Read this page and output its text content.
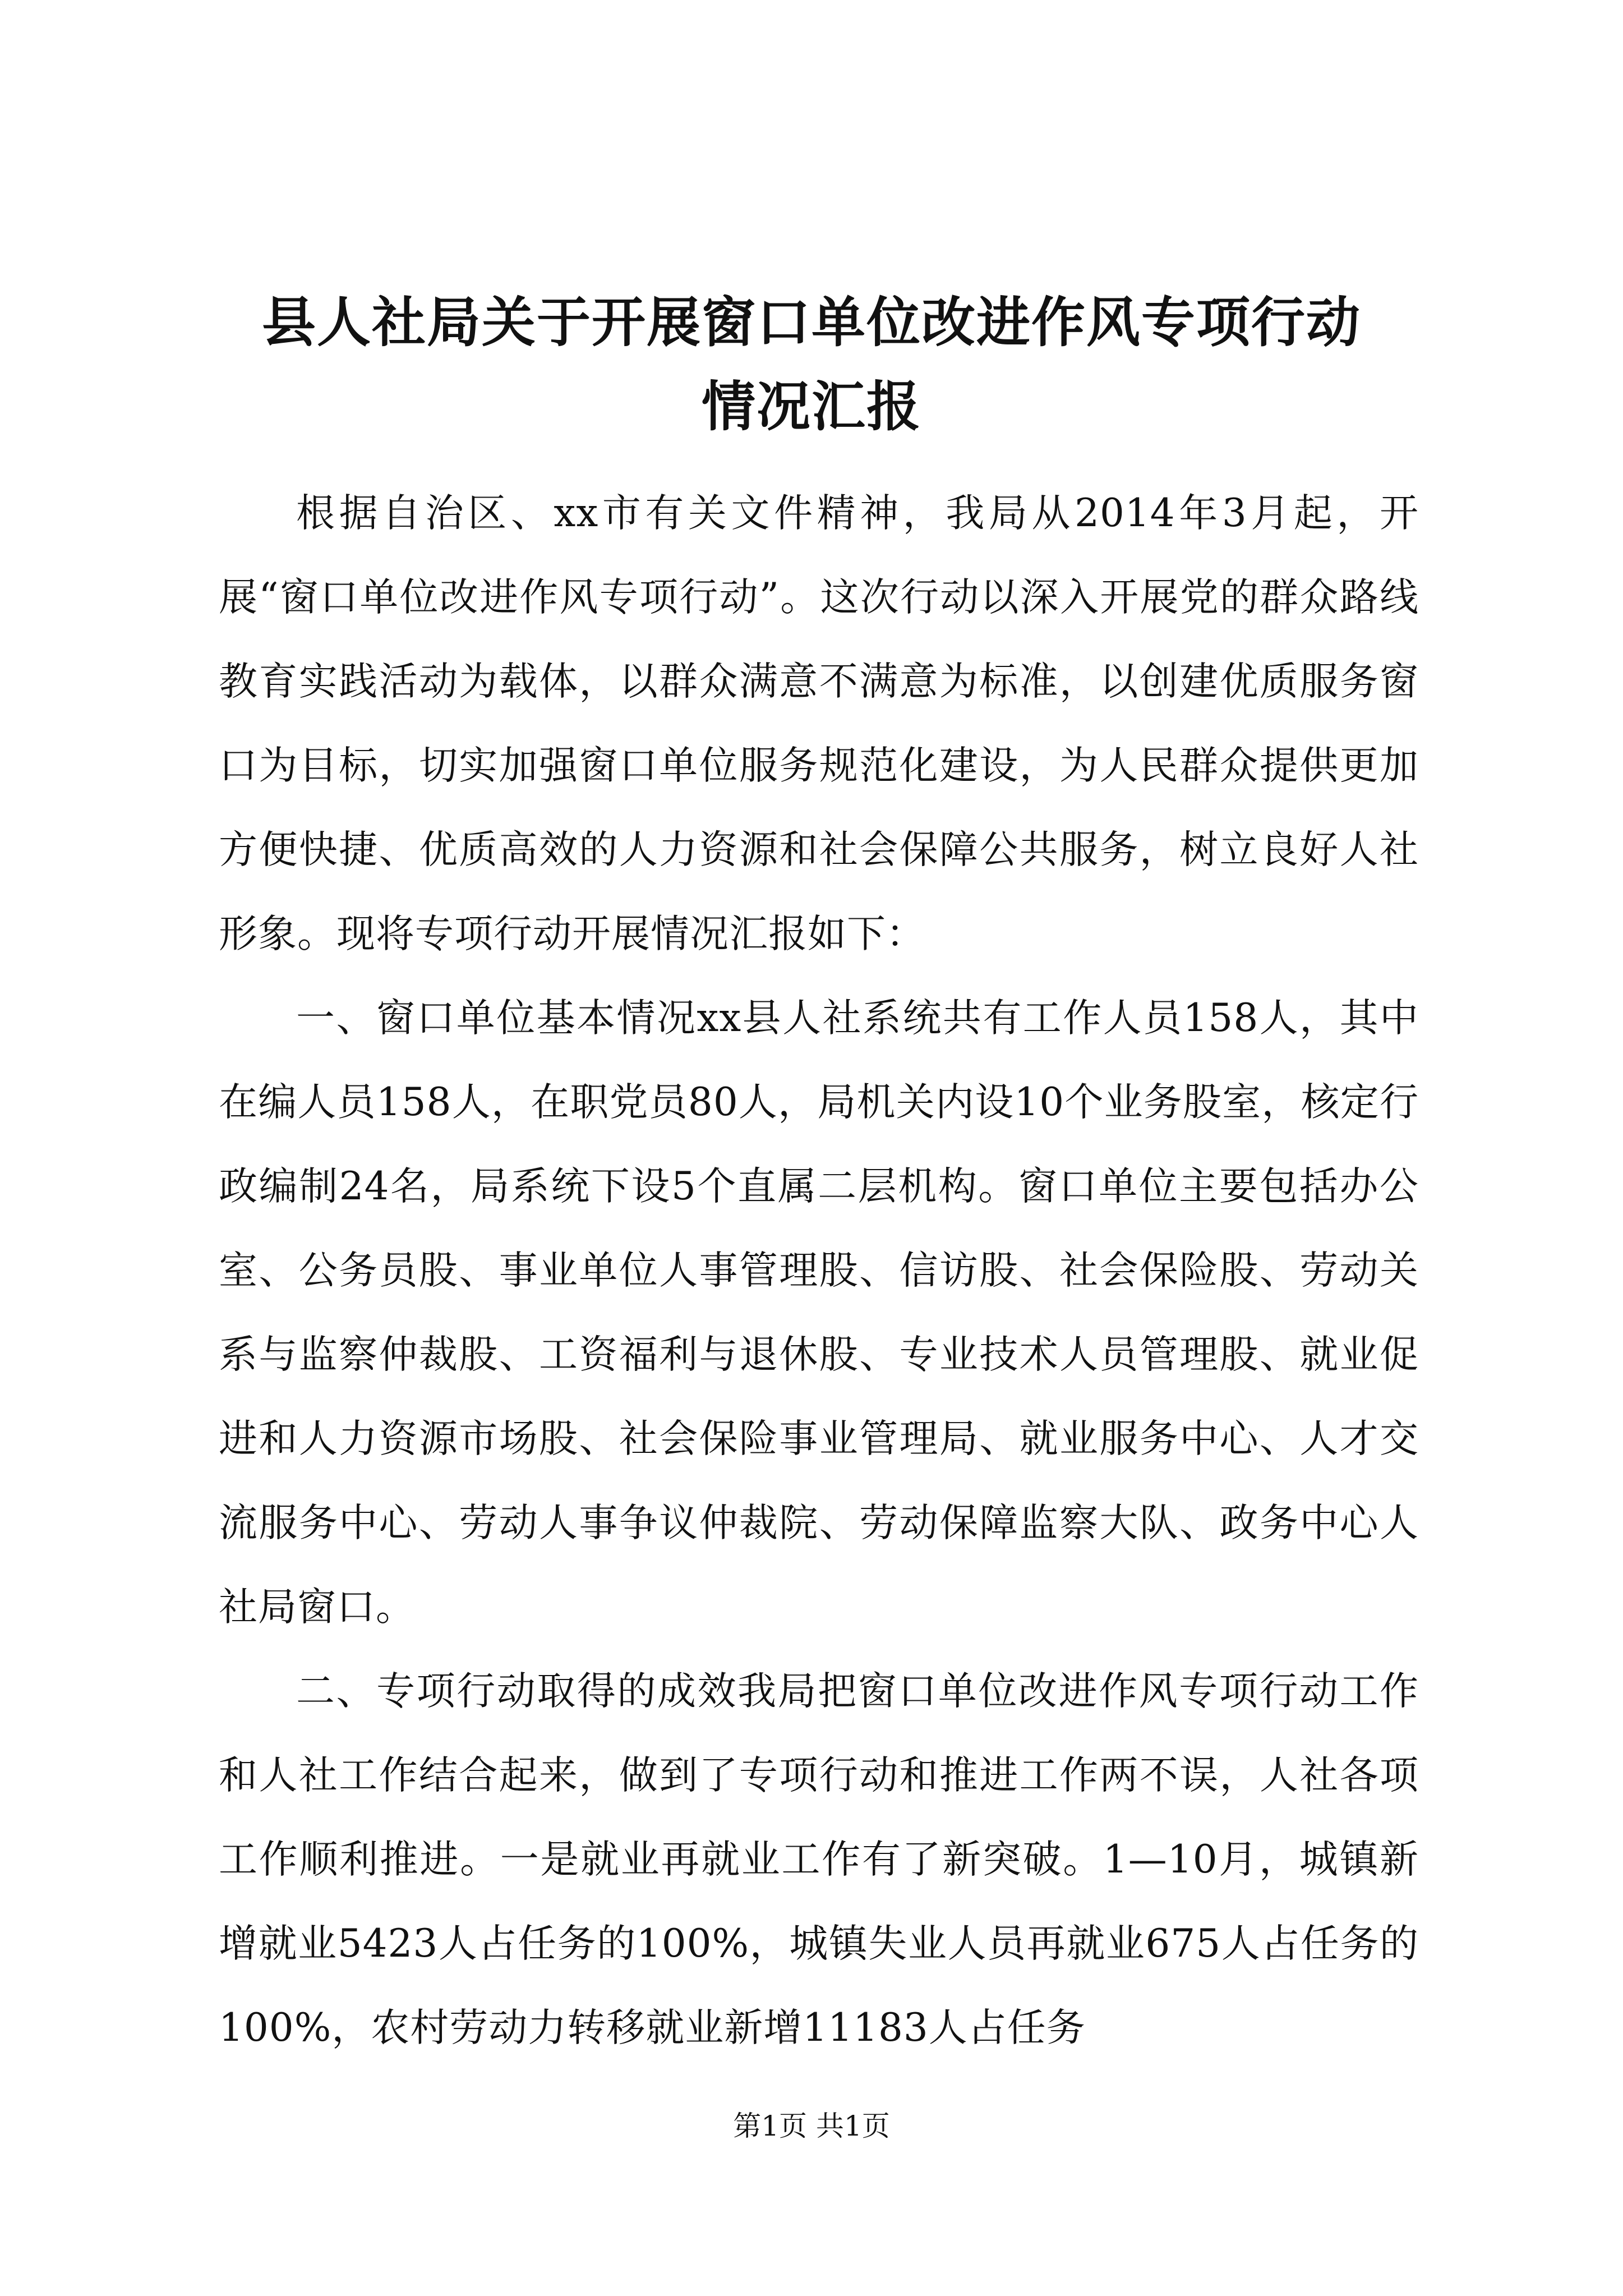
县人社局关于开展窗口单位改进作风专项行动
情况汇报

根据自治区、xx市有关文件精神，我局从2014年3月起，开展“窗口单位改进作风专项行动”。这次行动以深入开展党的群众路线教育实践活动为载体，以群众满意不满意为标准，以创建优质服务窗口为目标，切实加强窗口单位服务规范化建设，为人民群众提供更加方便快捷、优质高效的人力资源和社会保障公共服务，树立良好人社形象。现将专项行动开展情况汇报如下：

一、窗口单位基本情况xx县人社系统共有工作人员158人，其中在编人员158人，在职党员80人，局机关内设10个业务股室，核定行政编制24名，局系统下设5个直属二层机构。窗口单位主要包括办公室、公务员股、事业单位人事管理股、信访股、社会保险股、劳动关系与监察仲裁股、工资福利与退休股、专业技术人员管理股、就业促进和人力资源市场股、社会保险事业管理局、就业服务中心、人才交流服务中心、劳动人事争议仲裁院、劳动保障监察大队、政务中心人社局窗口。

二、专项行动取得的成效我局把窗口单位改进作风专项行动工作和人社工作结合起来，做到了专项行动和推进工作两不误，人社各项工作顺利推进。一是就业再就业工作有了新突破。1—10月，城镇新增就业5423人占任务的100%，城镇失业人员再就业675人占任务的100%，农村劳动力转移就业新增11183人占任务

第1页 共1页
